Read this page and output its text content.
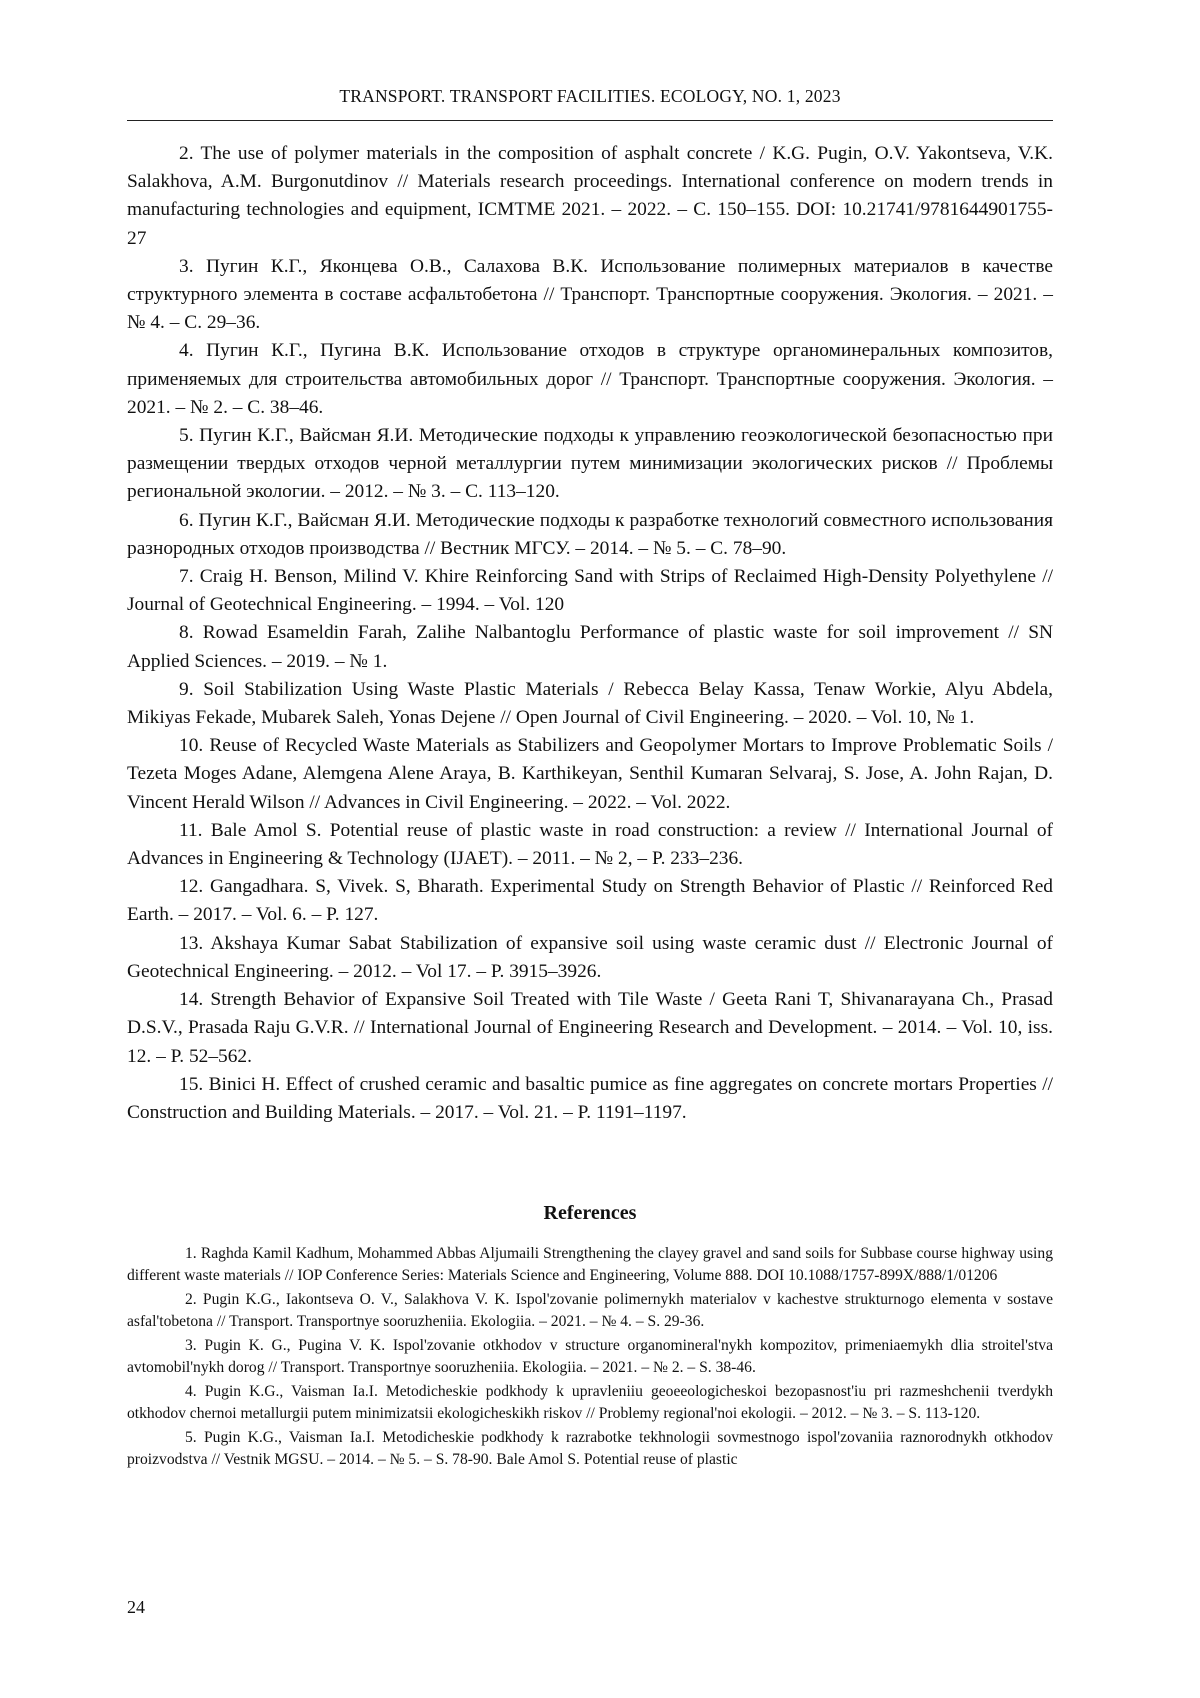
TRANSPORT. TRANSPORT FACILITIES. ECOLOGY, NO. 1, 2023

2. The use of polymer materials in the composition of asphalt concrete / K.G. Pugin, O.V. Yakontseva, V.K. Salakhova, A.M. Burgonutdinov // Materials research proceedings. International conference on modern trends in manufacturing technologies and equipment, ICMTME 2021. – 2022. – С. 150–155. DOI: 10.21741/9781644901755-27

3. Пугин К.Г., Яконцева О.В., Салахова В.К. Использование полимерных материалов в качестве структурного элемента в составе асфальтобетона // Транспорт. Транспортные сооружения. Экология. – 2021. – № 4. – С. 29–36.

4. Пугин К.Г., Пугина В.К. Использование отходов в структуре органоминеральных композитов, применяемых для строительства автомобильных дорог // Транспорт. Транспортные сооружения. Экология. – 2021. – № 2. – С. 38–46.

5. Пугин К.Г., Вайсман Я.И. Методические подходы к управлению геоэкологической безопасностью при размещении твердых отходов черной металлургии путем минимизации экологических рисков // Проблемы региональной экологии. – 2012. – № 3. – С. 113–120.

6. Пугин К.Г., Вайсман Я.И. Методические подходы к разработке технологий совместного использования разнородных отходов производства // Вестник МГСУ. – 2014. – № 5. – С. 78–90.

7. Craig H. Benson, Milind V. Khire Reinforcing Sand with Strips of Reclaimed High-Density Polyethylene // Journal of Geotechnical Engineering. – 1994. – Vol. 120

8. Rowad Esameldin Farah, Zalihe Nalbantoglu Performance of plastic waste for soil improvement // SN Applied Sciences. – 2019. – № 1.

9. Soil Stabilization Using Waste Plastic Materials / Rebecca Belay Kassa, Tenaw Workie, Alyu Abdela, Mikiyas Fekade, Mubarek Saleh, Yonas Dejene // Open Journal of Civil Engineering. – 2020. – Vol. 10, № 1.

10. Reuse of Recycled Waste Materials as Stabilizers and Geopolymer Mortars to Improve Problematic Soils / Tezeta Moges Adane, Alemgena Alene Araya, B. Karthikeyan, Senthil Kumaran Selvaraj, S. Jose, A. John Rajan, D. Vincent Herald Wilson // Advances in Civil Engineering. – 2022. – Vol. 2022.

11. Bale Amol S. Potential reuse of plastic waste in road construction: a review // International Journal of Advances in Engineering & Technology (IJAET). – 2011. – № 2, – P. 233–236.

12. Gangadhara. S, Vivek. S, Bharath. Experimental Study on Strength Behavior of Plastic // Reinforced Red Earth. – 2017. – Vol. 6. – P. 127.

13. Akshaya Kumar Sabat Stabilization of expansive soil using waste ceramic dust // Electronic Journal of Geotechnical Engineering. – 2012. – Vol 17. – P. 3915–3926.

14. Strength Behavior of Expansive Soil Treated with Tile Waste / Geeta Rani T, Shivanarayana Ch., Prasad D.S.V., Prasada Raju G.V.R. // International Journal of Engineering Research and Development. – 2014. – Vol. 10, iss. 12. – P. 52–562.

15. Binici H. Effect of crushed ceramic and basaltic pumice as fine aggregates on concrete mortars Properties // Construction and Building Materials. – 2017. – Vol. 21. – P. 1191–1197.

References

1. Raghda Kamil Kadhum, Mohammed Abbas Aljumaili Strengthening the clayey gravel and sand soils for Subbase course highway using different waste materials // IOP Conference Series: Materials Science and Engineering, Volume 888. DOI 10.1088/1757-899X/888/1/01206

2. Pugin K.G., Iakontseva O. V., Salakhova V. K. Ispol'zovanie polimernykh materialov v kachestve strukturnogo elementa v sostave asfal'tobetona // Transport. Transportnye sooruzheniia. Ekologiia. – 2021. – № 4. – S. 29-36.

3. Pugin K. G., Pugina V. K. Ispol'zovanie otkhodov v structure organomineral'nykh kompozitov, primeniaemykh dlia stroitel'stva avtomobil'nykh dorog // Transport. Transportnye sooruzheniia. Ekologiia. – 2021. – № 2. – S. 38-46.

4. Pugin K.G., Vaisman Ia.I. Metodicheskie podkhody k upravleniiu geoeeologicheskoi bezopasnost'iu pri razmeshchenii tverdykh otkhodov chernoi metallurgii putem minimizatsii ekologicheskikh riskov // Problemy regional'noi ekologii. – 2012. – № 3. – S. 113-120.

5. Pugin K.G., Vaisman Ia.I. Metodicheskie podkhody k razrabotke tekhnologii sovmestnogo ispol'zovaniia raznorodnykh otkhodov proizvodstva // Vestnik MGSU. – 2014. – № 5. – S. 78-90. Bale Amol S. Potential reuse of plastic

24
